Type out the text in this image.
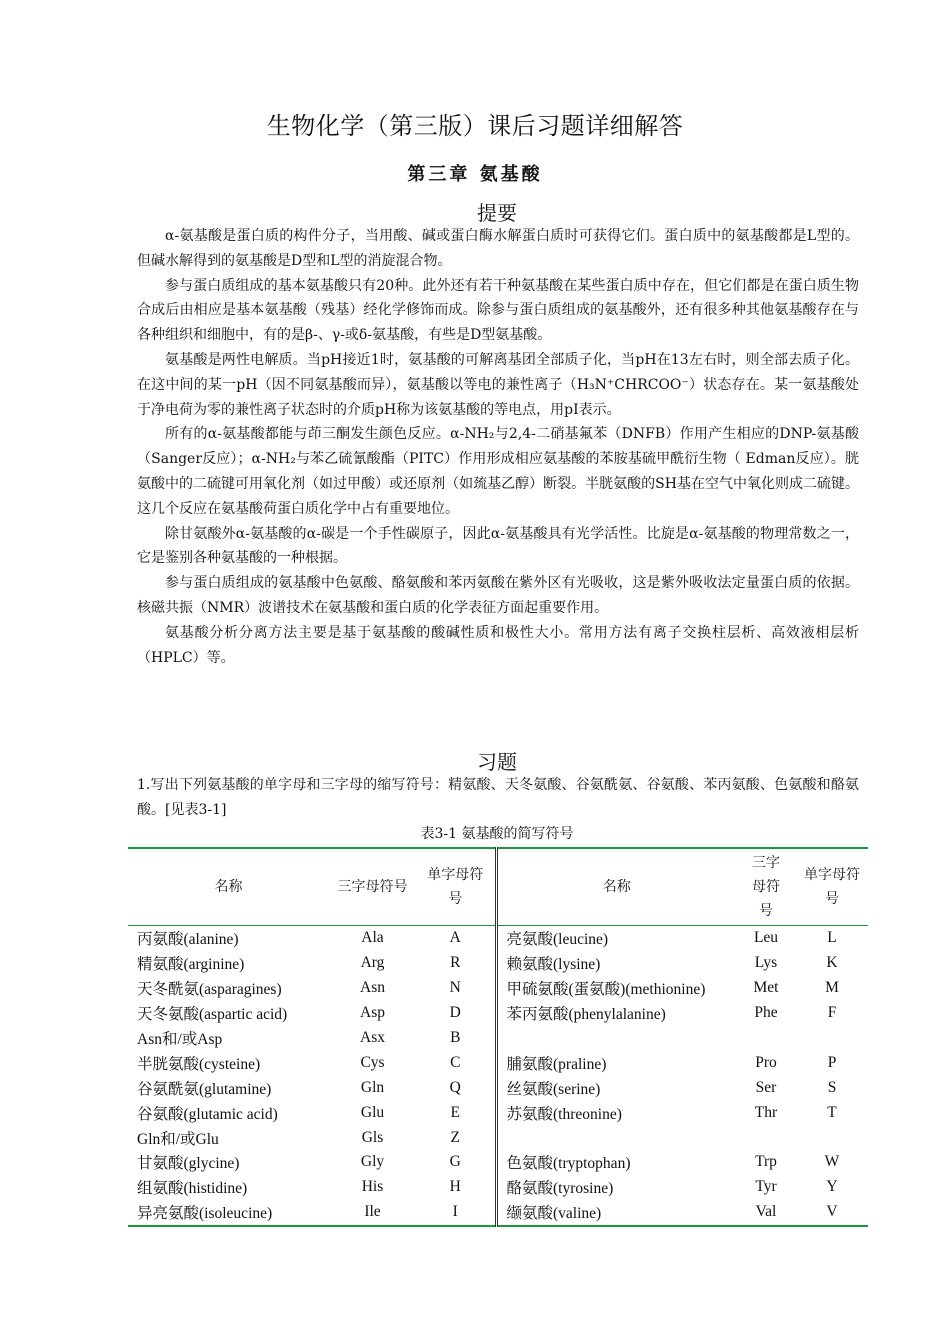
生物化学（第三版）课后习题详细解答
第三章 氨基酸
提要

α-氨基酸是蛋白质的构件分子，当用酸、碱或蛋白酶水解蛋白质时可获得它们。蛋白质中的氨基酸都是L型的。但碱水解得到的氨基酸是D型和L型的消旋混合物。

参与蛋白质组成的基本氨基酸只有20种。此外还有若干种氨基酸在某些蛋白质中存在，但它们都是在蛋白质生物合成后由相应是基本氨基酸（残基）经化学修饰而成。除参与蛋白质组成的氨基酸外，还有很多种其他氨基酸存在与各种组织和细胞中，有的是β-、γ-或δ-氨基酸，有些是D型氨基酸。

氨基酸是两性电解质。当pH接近1时，氨基酸的可解离基团全部质子化，当pH在13左右时，则全部去质子化。在这中间的某一pH（因不同氨基酸而异），氨基酸以等电的兼性离子（H₃N⁺CHRCOO⁻）状态存在。某一氨基酸处于净电荷为零的兼性离子状态时的介质pH称为该氨基酸的等电点，用pI表示。

所有的α-氨基酸都能与茚三酮发生颜色反应。α-NH₂与2,4-二硝基氟苯（DNFB）作用产生相应的DNP-氨基酸（Sanger反应）；α-NH₂与苯乙硫氰酸酯（PITC）作用形成相应氨基酸的苯胺基硫甲酰衍生物（ Edman反应）。胱氨酸中的二硫键可用氧化剂（如过甲酸）或还原剂（如巯基乙醇）断裂。半胱氨酸的SH基在空气中氧化则成二硫键。这几个反应在氨基酸荷蛋白质化学中占有重要地位。

除甘氨酸外α-氨基酸的α-碳是一个手性碳原子，因此α-氨基酸具有光学活性。比旋是α-氨基酸的物理常数之一，它是鉴别各种氨基酸的一种根据。

参与蛋白质组成的氨基酸中色氨酸、酪氨酸和苯丙氨酸在紫外区有光吸收，这是紫外吸收法定量蛋白质的依据。核磁共振（NMR）波谱技术在氨基酸和蛋白质的化学表征方面起重要作用。

氨基酸分析分离方法主要是基于氨基酸的酸碱性质和极性大小。常用方法有离子交换柱层析、高效液相层析（HPLC）等。

习题

1.写出下列氨基酸的单字母和三字母的缩写符号：精氨酸、天冬氨酸、谷氨酰氨、谷氨酸、苯丙氨酸、色氨酸和酪氨酸。[见表3-1]

表3-1 氨基酸的简写符号
名称	三字母符号	单字母符号	名称	三字母符号	单字母符号

丙氨酸(alanine)	Ala	A	亮氨酸(leucine)	Leu	L
精氨酸(arginine)	Arg	R	赖氨酸(lysine)	Lys	K
天冬酰氨(asparagines)	Asn	N	甲硫氨酸(蛋氨酸)(methionine)	Met	M
天冬氨酸(aspartic acid)	Asp	D	苯丙氨酸(phenylalanine)	Phe	F
Asn和/或Asp	Asx	B			
半胱氨酸(cysteine)	Cys	C	脯氨酸(praline)	Pro	P
谷氨酰氨(glutamine)	Gln	Q	丝氨酸(serine)	Ser	S
谷氨酸(glutamic acid)	Glu	E	苏氨酸(threonine)	Thr	T
Gln和/或Glu	Gls	Z			
甘氨酸(glycine)	Gly	G	色氨酸(tryptophan)	Trp	W
组氨酸(histidine)	His	H	酪氨酸(tyrosine)	Tyr	Y
异亮氨酸(isoleucine)	Ile	I	缬氨酸(valine)	Val	V
